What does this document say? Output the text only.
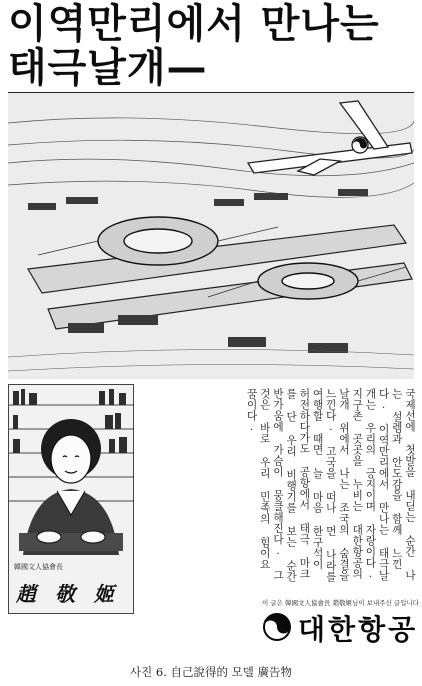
이역만리에서 만나는
태극날개—
韓國文人協會長
趙 敬 姬
국제선에 첫발을 내딛는 순간 나는 설렘과 안도감을 함께 느낀다. 이역만리에서 만나는 태극날개는 우리의 긍지이며 자랑이다. 지구촌 곳곳을 누비는 대한항공의 날개 위에서 나는 조국의 숨결을 느낀다. 고국을 떠나 먼 나라를 여행할 때면 늘 마음 한구석이 허전하다가도 공항에서 태극 마크를 단 우리 비행기를 보는 순간 반가움에 가슴이 뭉클해진다. 그것은 바로 우리 민족의 힘이요 꿈이다.
이 글은 韓國文人協會長 趙敬姬님이 보내주신 글입니다
대한항공
사진 6. 自己說得的 모델 廣告物
